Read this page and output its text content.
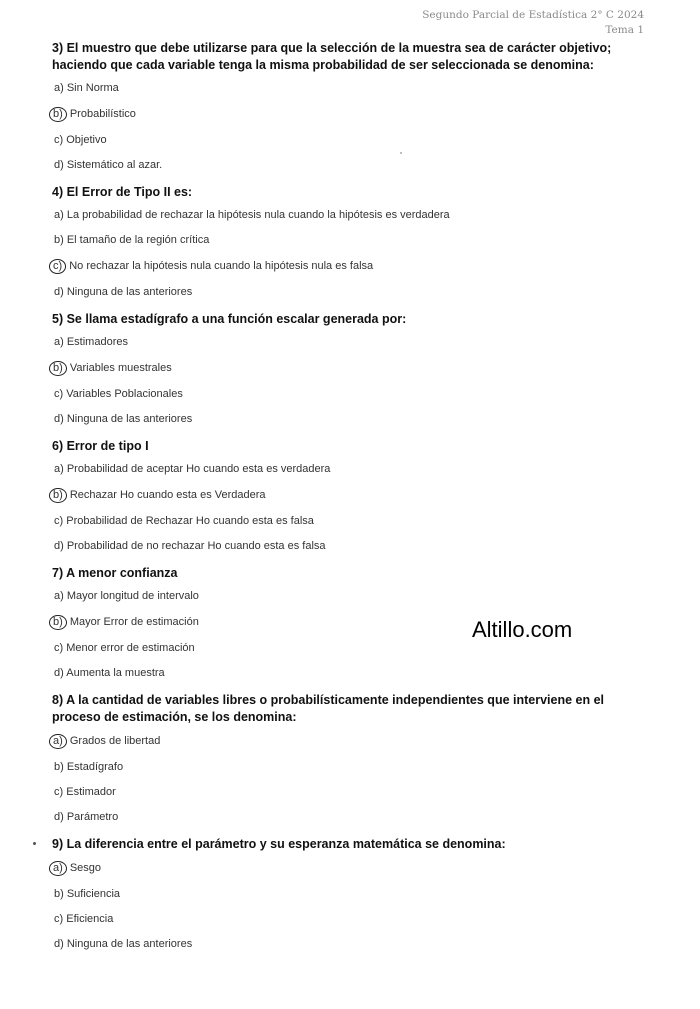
Segundo Parcial de Estadística 2° C 2024
Tema 1
3) El muestro que debe utilizarse para que la selección de la muestra sea de carácter objetivo; haciendo que cada variable tenga la misma probabilidad de ser seleccionada se denomina:
a) Sin Norma
b) Probabilístico
c) Objetivo
d) Sistemático al azar.
4) El Error de Tipo II es:
a) La probabilidad de rechazar la hipótesis nula cuando la hipótesis es verdadera
b) El tamaño de la región crítica
c) No rechazar la hipótesis nula cuando la hipótesis nula es falsa
d) Ninguna de las anteriores
5) Se llama estadígrafo a una función escalar generada por:
a) Estimadores
b) Variables muestrales
c) Variables Poblacionales
d) Ninguna de las anteriores
6) Error de tipo I
a) Probabilidad de aceptar Ho cuando esta es verdadera
b) Rechazar Ho cuando esta es Verdadera
c) Probabilidad de Rechazar Ho cuando esta es falsa
d) Probabilidad de no rechazar Ho cuando esta es falsa
7) A menor confianza
a) Mayor longitud de intervalo
b) Mayor Error de estimación
c) Menor error de estimación
d) Aumenta la muestra
8) A la cantidad de variables libres o probabilísticamente independientes que interviene en el proceso de estimación, se los denomina:
a) Grados de libertad
b) Estadígrafo
c) Estimador
d) Parámetro
9) La diferencia entre el parámetro y su esperanza matemática se denomina:
a) Sesgo
b) Suficiencia
c) Eficiencia
d) Ninguna de las anteriores
Altillo.com
